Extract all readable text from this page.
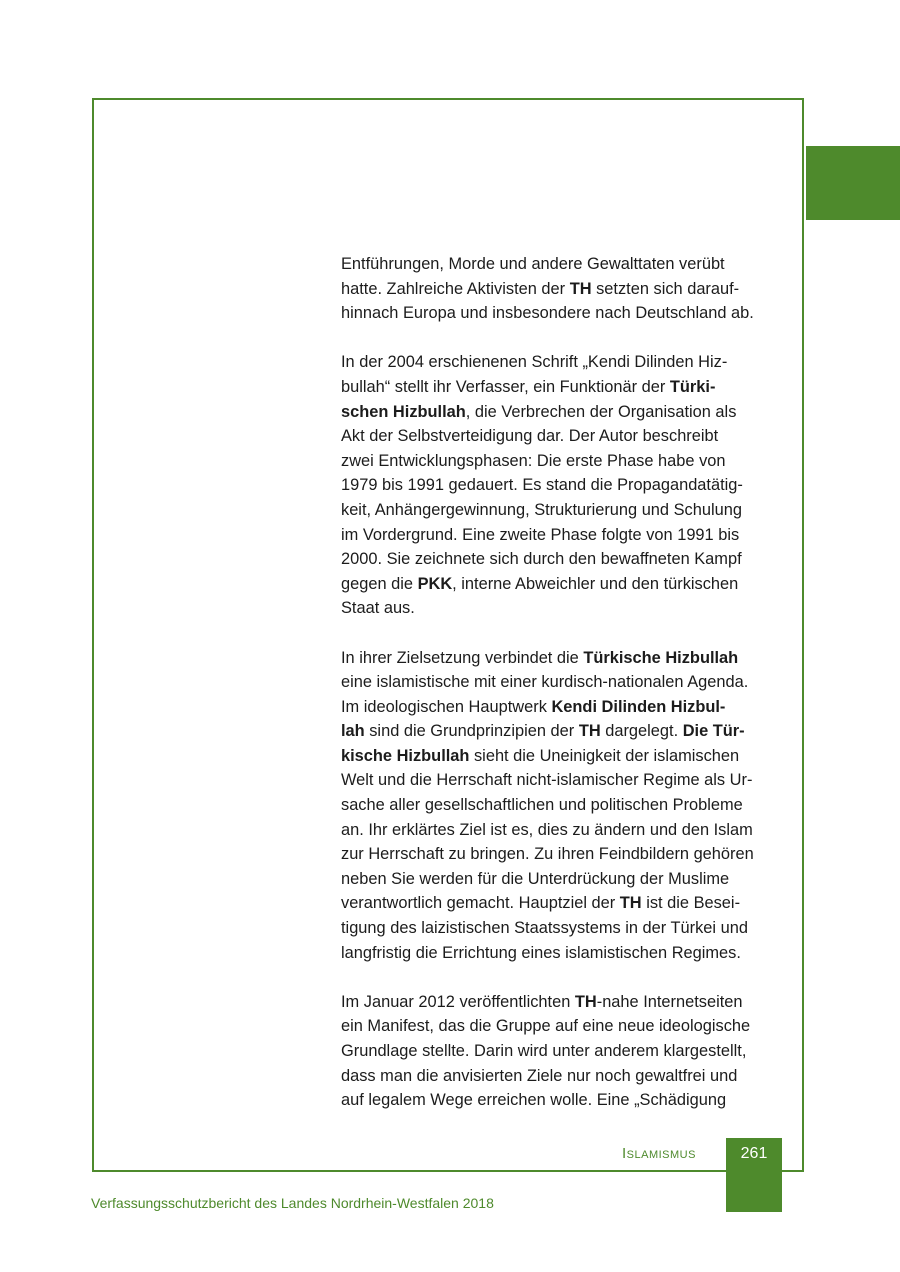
Entführungen, Morde und andere Gewalttaten verübt
hatte. Zahlreiche Aktivisten der TH setzten sich darauf-
hinnach Europa und insbesondere nach Deutschland ab.

In der 2004 erschienenen Schrift „Kendi Dilinden Hiz-
bullah“ stellt ihr Verfasser, ein Funktionär der Türki-
schen Hizbullah, die Verbrechen der Organisation als
Akt der Selbstverteidigung dar. Der Autor beschreibt
zwei Entwicklungsphasen: Die erste Phase habe von
1979 bis 1991 gedauert. Es stand die Propagandatätig-
keit, Anhängergewinnung, Strukturierung und Schulung
im Vordergrund. Eine zweite Phase folgte von 1991 bis
2000. Sie zeichnete sich durch den bewaffneten Kampf
gegen die PKK, interne Abweichler und den türkischen
Staat aus.

In ihrer Zielsetzung verbindet die Türkische Hizbullah
eine islamistische mit einer kurdisch-nationalen Agenda.
Im ideologischen Hauptwerk Kendi Dilinden Hizbul-
lah sind die Grundprinzipien der TH dargelegt. Die Tür-
kische Hizbullah sieht die Uneinigkeit der islamischen
Welt und die Herrschaft nicht-islamischer Regime als Ur-
sache aller gesellschaftlichen und politischen Probleme
an. Ihr erklärtes Ziel ist es, dies zu ändern und den Islam
zur Herrschaft zu bringen. Zu ihren Feindbildern gehören
neben Sie werden für die Unterdrückung der Muslime
verantwortlich gemacht. Hauptziel der TH ist die Besei-
tigung des laizistischen Staatssystems in der Türkei und
langfristig die Errichtung eines islamistischen Regimes.

Im Januar 2012 veröffentlichten TH-nahe Internetseiten
ein Manifest, das die Gruppe auf eine neue ideologische
Grundlage stellte. Darin wird unter anderem klargestellt,
dass man die anvisierten Ziele nur noch gewaltfrei und
auf legalem Wege erreichen wolle. Eine „Schädigung

Islamismus	261
Verfassungsschutzbericht des Landes Nordrhein-Westfalen 2018
